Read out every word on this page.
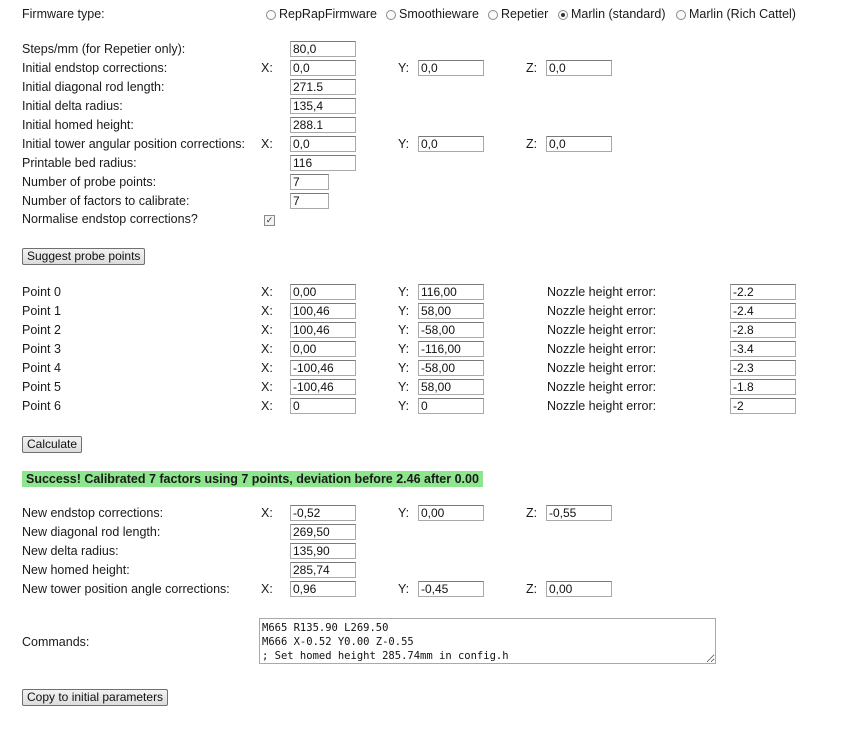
Firmware type:	RepRapFirmware Smoothieware Repetier Marlin (standard) Marlin (Rich Cattel)
Steps/mm (for Repetier only):	80,0
Initial endstop corrections:	X: 0,0	Y: 0,0	Z: 0,0
Initial diagonal rod length:	271.5
Initial delta radius:	135,4
Initial homed height:	288.1
Initial tower angular position corrections: X: 0,0	Y: 0,0	Z: 0,0
Printable bed radius:	116
Number of probe points:	7
Number of factors to calibrate:	7
Normalise endstop corrections?	✓
Suggest probe points
Point 0	X: 0,00	Y: 116,00	Nozzle height error:	-2.2
Point 1	X: 100,46	Y: 58,00	Nozzle height error:	-2.4
Point 2	X: 100,46	Y: -58,00	Nozzle height error:	-2.8
Point 3	X: 0,00	Y: -116,00	Nozzle height error:	-3.4
Point 4	X: -100,46	Y: -58,00	Nozzle height error:	-2.3
Point 5	X: -100,46	Y: 58,00	Nozzle height error:	-1.8
Point 6	X: 0	Y: 0	Nozzle height error:	-2
Calculate
Success! Calibrated 7 factors using 7 points, deviation before 2.46 after 0.00
New endstop corrections:	X: -0,52	Y: 0,00	Z: -0,55
New diagonal rod length:	269,50
New delta radius:	135,90
New homed height:	285,74
New tower position angle corrections:	X: 0,96	Y: -0,45	Z: 0,00
Commands:
M665 R135.90 L269.50 M666 X-0.52 Y0.00 Z-0.55 ; Set homed height 285.74mm in config.h
Copy to initial parameters
